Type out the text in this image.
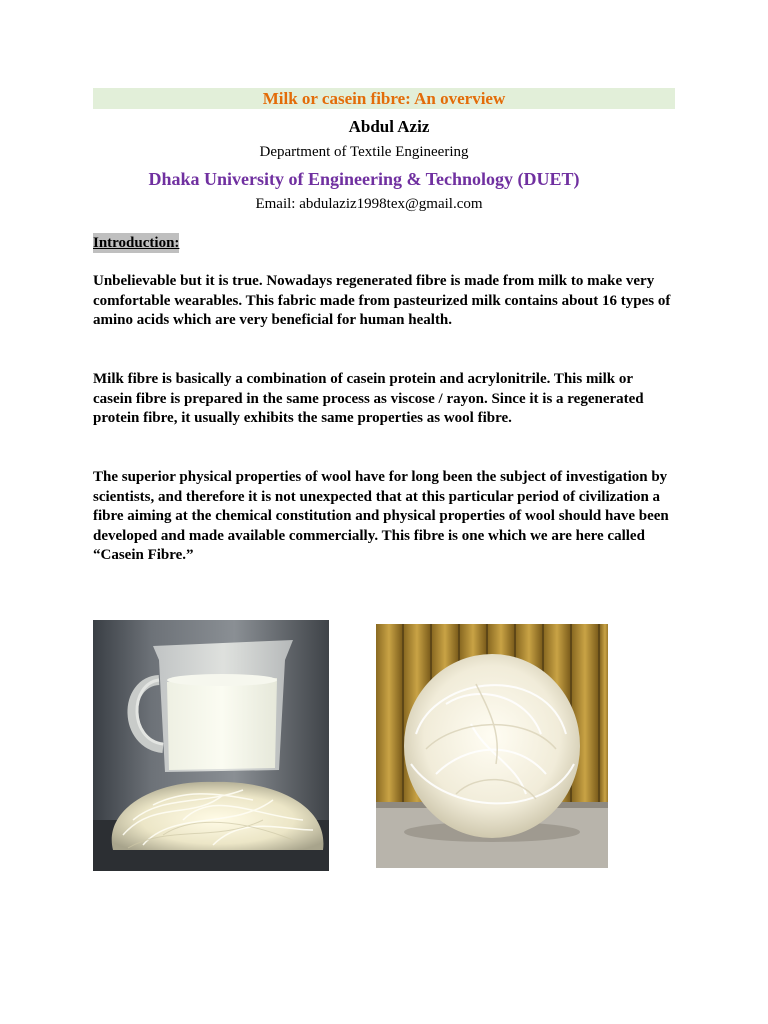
Milk or casein fibre: An overview
Abdul Aziz
Department of Textile Engineering
Dhaka University of Engineering & Technology (DUET)
Email: abdulaziz1998tex@gmail.com
Introduction:

Unbelievable but it is true. Nowadays regenerated fibre is made from milk to make very comfortable wearables. This fabric made from pasteurized milk contains about 16 types of amino acids which are very beneficial for human health.

Milk fibre is basically a combination of casein protein and acrylonitrile. This milk or casein fibre is prepared in the same process as viscose / rayon. Since it is a regenerated protein fibre, it usually exhibits the same properties as wool fibre.

The superior physical properties of wool have for long been the subject of investigation by scientists, and therefore it is not unexpected that at this particular period of civilization a fibre aiming at the chemical constitution and physical properties of wool should have been developed and made available commercially. This fibre is one which we are here called “Casein Fibre.”
